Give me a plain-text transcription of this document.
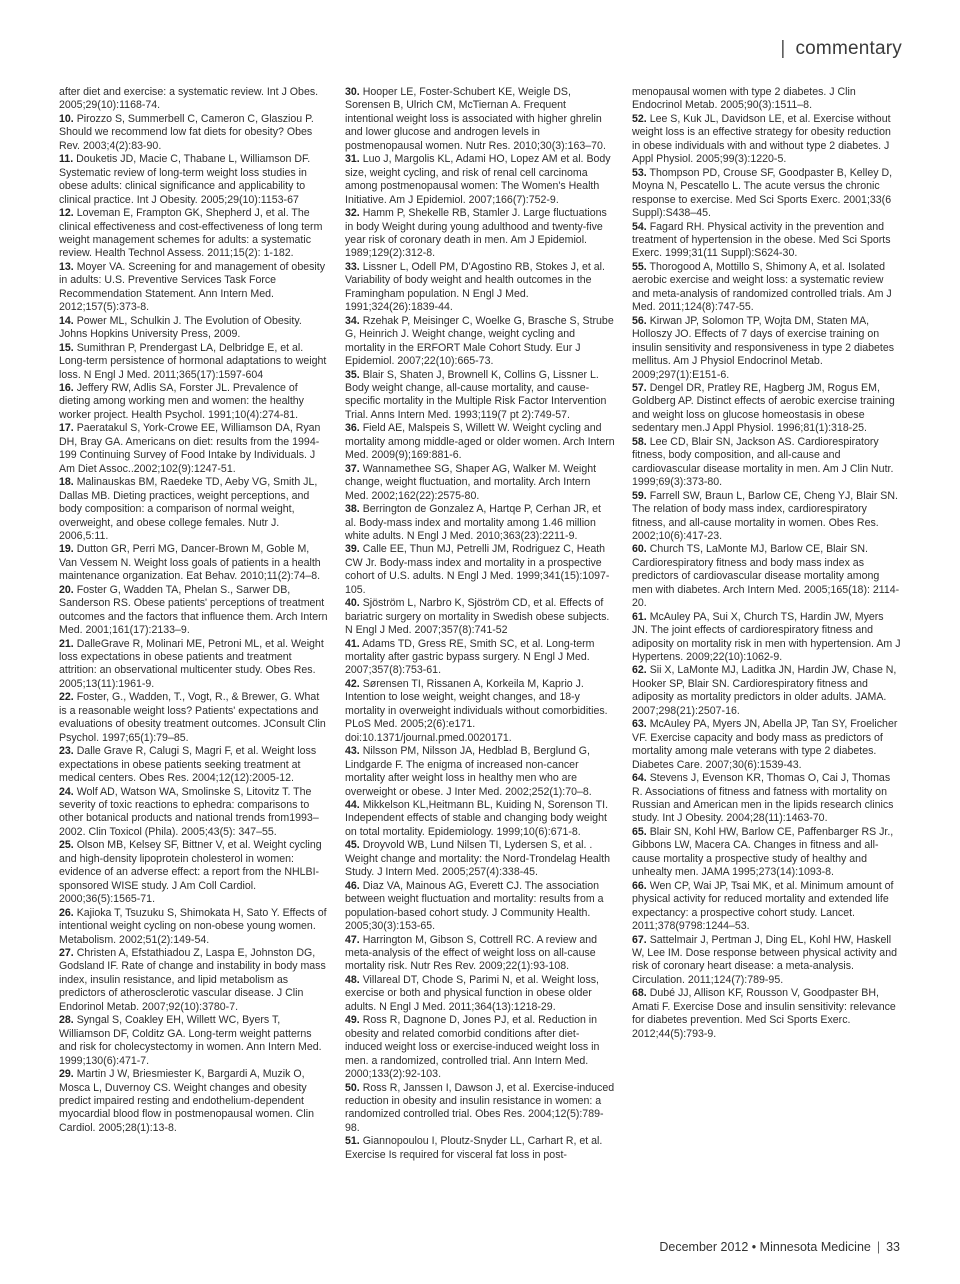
| commentary

after diet and exercise: a systematic review. Int J Obes. 2005;29(10):1168-74.

10. Pirozzo S, Summerbell C, Cameron C, Glasziou P. Should we recommend low fat diets for obesity? Obes Rev. 2003;4(2):83-90.

11. Douketis JD, Macie C, Thabane L, Williamson DF. Systematic review of long-term weight loss studies in obese adults: clinical significance and applicability to clinical practice. Int J Obesity. 2005;29(10):1153-67

12. Loveman E, Frampton GK, Shepherd J, et al. The clinical effectiveness and cost-effectiveness of long term weight management schemes for adults: a systematic review. Health Technol Assess. 2011;15(2): 1-182.

13. Moyer VA. Screening for and management of obesity in adults: U.S. Preventive Services Task Force Recommendation Statement. Ann Intern Med. 2012;157(5):373-8.

14. Power ML, Schulkin J. The Evolution of Obesity. Johns Hopkins University Press, 2009.

15. Sumithran P, Prendergast LA, Delbridge E, et al. Long-term persistence of hormonal adaptations to weight loss. N Engl J Med. 2011;365(17):1597-604

16. Jeffery RW, Adlis SA, Forster JL. Prevalence of dieting among working men and women: the healthy worker project. Health Psychol. 1991;10(4):274-81.

17. Paeratakul S, York-Crowe EE, Williamson DA, Ryan DH, Bray GA. Americans on diet: results from the 1994-199 Continuing Survey of Food Intake by Individuals. J Am Diet Assoc..2002;102(9):1247-51.

18. Malinauskas BM, Raedeke TD, Aeby VG, Smith JL, Dallas MB. Dieting practices, weight perceptions, and body composition: a comparison of normal weight, overweight, and obese college females. Nutr J. 2006,5:11.

19. Dutton GR, Perri MG, Dancer-Brown M, Goble M, Van Vessem N. Weight loss goals of patients in a health maintenance organization. Eat Behav. 2010;11(2):74–8.

20. Foster G, Wadden TA, Phelan S., Sarwer DB, Sanderson RS. Obese patients' perceptions of treatment outcomes and the factors that influence them. Arch Intern Med. 2001;161(17):2133–9.

21. DalleGrave R, Molinari ME, Petroni ML, et al. Weight loss expectations in obese patients and treatment attrition: an observational multicenter study. Obes Res. 2005;13(11):1961-9.

22. Foster, G., Wadden, T., Vogt, R., & Brewer, G. What is a reasonable weight loss? Patients' expectations and evaluations of obesity treatment outcomes. JConsult Clin Psychol. 1997;65(1):79–85.

23. Dalle Grave R, Calugi S, Magri F, et al. Weight loss expectations in obese patients seeking treatment at medical centers. Obes Res. 2004;12(12):2005-12.

24. Wolf AD, Watson WA, Smolinske S, Litovitz T. The severity of toxic reactions to ephedra: comparisons to other botanical products and national trends from1993–2002. Clin Toxicol (Phila). 2005;43(5): 347–55.

25. Olson MB, Kelsey SF, Bittner V, et al. Weight cycling and high-density lipoprotein cholesterol in women: evidence of an adverse effect: a report from the NHLBI-sponsored WISE study. J Am Coll Cardiol. 2000;36(5):1565-71.

26. Kajioka T, Tsuzuku S, Shimokata H, Sato Y. Effects of intentional weight cycling on non-obese young women. Metabolism. 2002;51(2):149-54.

27. Christen A, Efstathiadou Z, Laspa E, Johnston DG, Godsland IF. Rate of change and instability in body mass index, insulin resistance, and lipid metabolism as predictors of atherosclerotic vascular disease. J Clin Endorinol Metab. 2007;92(10):3780-7.

28. Syngal S, Coakley EH, Willett WC, Byers T, Williamson DF, Colditz GA. Long-term weight patterns and risk for cholecystectomy in women. Ann Intern Med. 1999;130(6):471-7.

29. Martin J W, Briesmiester K, Bargardi A, Muzik O, Mosca L, Duvernoy CS. Weight changes and obesity predict impaired resting and endothelium-dependent myocardial blood flow in postmenopausal women. Clin Cardiol. 2005;28(1):13-8.

30. Hooper LE, Foster-Schubert KE, Weigle DS, Sorensen B, Ulrich CM, McTiernan A. Frequent intentional weight loss is associated with higher ghrelin and lower glucose and androgen levels in postmenopausal women. Nutr Res. 2010;30(3):163–70.

31. Luo J, Margolis KL, Adami HO, Lopez AM et al. Body size, weight cycling, and risk of renal cell carcinoma among postmenopausal women: The Women's Health Initiative. Am J Epidemiol. 2007;166(7):752-9.

32. Hamm P, Shekelle RB, Stamler J. Large fluctuations in body Weight during young adulthood and twenty-five year risk of coronary death in men. Am J Epidemiol. 1989;129(2):312-8.

33. Lissner L, Odell PM, D'Agostino RB, Stokes J, et al. Variability of body weight and health outcomes in the Framingham population. N Engl J Med. 1991;324(26):1839-44.

34. Rzehak P, Meisinger C, Woelke G, Brasche S, Strube G, Heinrich J. Weight change, weight cycling and mortality in the ERFORT Male Cohort Study. Eur J Epidemiol. 2007;22(10):665-73.

35. Blair S, Shaten J, Brownell K, Collins G, Lissner L. Body weight change, all-cause mortality, and cause-specific mortality in the Multiple Risk Factor Intervention Trial. Anns Intern Med. 1993;119(7 pt 2):749-57.

36. Field AE, Malspeis S, Willett W. Weight cycling and mortality among middle-aged or older women. Arch Intern Med. 2009(9);169:881-6.

37. Wannamethee SG, Shaper AG, Walker M. Weight change, weight fluctuation, and mortality. Arch Intern Med. 2002;162(22):2575-80.

38. Berrington de Gonzalez A, Hartqe P, Cerhan JR, et al. Body-mass index and mortality among 1.46 million white adults. N Engl J Med. 2010;363(23):2211-9.

39. Calle EE, Thun MJ, Petrelli JM, Rodriguez C, Heath CW Jr. Body-mass index and mortality in a prospective cohort of U.S. adults. N Engl J Med. 1999;341(15):1097-105.

40. Sjöström L, Narbro K, Sjöström CD, et al. Effects of bariatric surgery on mortality in Swedish obese subjects. N Engl J Med. 2007;357(8):741-52

41. Adams TD, Gress RE, Smith SC, et al. Long-term mortality after gastric bypass surgery. N Engl J Med. 2007;357(8):753-61.

42. Sørensen TI, Rissanen A, Korkeila M, Kaprio J. Intention to lose weight, weight changes, and 18-y mortality in overweight individuals without comorbidities. PLoS Med. 2005;2(6):e171. doi:10.1371/journal.pmed.0020171.

43. Nilsson PM, Nilsson JA, Hedblad B, Berglund G, Lindgarde F. The enigma of increased non-cancer mortality after weight loss in healthy men who are overweight or obese. J Inter Med. 2002;252(1):70–8.

44. Mikkelson KL,Heitmann BL, Kuiding N, Sorenson TI. Independent effects of stable and changing body weight on total mortality. Epidemiology. 1999;10(6):671-8.

45. Droyvold WB, Lund Nilsen TI, Lydersen S, et al. . Weight change and mortality: the Nord-Trondelag Health Study. J Intern Med. 2005;257(4):338-45.

46. Diaz VA, Mainous AG, Everett CJ. The association between weight fluctuation and mortality: results from a population-based cohort study. J Community Health. 2005;30(3):153-65.

47. Harrington M, Gibson S, Cottrell RC. A review and meta-analysis of the effect of weight loss on all-cause mortality risk. Nutr Res Rev. 2009;22(1):93-108.

48. Villareal DT, Chode S, Parimi N, et al. Weight loss, exercise or both and physical function in obese older adults. N Engl J Med. 2011;364(13):1218-29.

49. Ross R, Dagnone D, Jones PJ, et al. Reduction in obesity and related comorbid conditions after diet-induced weight loss or exercise-induced weight loss in men. a randomized, controlled trial. Ann Intern Med. 2000;133(2):92-103.

50. Ross R, Janssen I, Dawson J, et al. Exercise-induced reduction in obesity and insulin resistance in women: a randomized controlled trial. Obes Res. 2004;12(5):789-98.

51. Giannopoulou I, Ploutz-Snyder LL, Carhart R, et al. Exercise Is required for visceral fat loss in post-

menopausal women with type 2 diabetes. J Clin Endocrinol Metab. 2005;90(3):1511–8.

52. Lee S, Kuk JL, Davidson LE, et al. Exercise without weight loss is an effective strategy for obesity reduction in obese individuals with and without type 2 diabetes. J Appl Physiol. 2005;99(3):1220-5.

53. Thompson PD, Crouse SF, Goodpaster B, Kelley D, Moyna N, Pescatello L. The acute versus the chronic response to exercise. Med Sci Sports Exerc. 2001;33(6 Suppl):S438–45.

54. Fagard RH. Physical activity in the prevention and treatment of hypertension in the obese. Med Sci Sports Exerc. 1999;31(11 Suppl):S624-30.

55. Thorogood A, Mottillo S, Shimony A, et al. Isolated aerobic exercise and weight loss: a systematic review and meta-analysis of randomized controlled trials. Am J Med. 2011;124(8):747-55.

56. Kirwan JP, Solomon TP, Wojta DM, Staten MA, Holloszy JO. Effects of 7 days of exercise training on insulin sensitivity and responsiveness in type 2 diabetes mellitus. Am J Physiol Endocrinol Metab. 2009;297(1):E151-6.

57. Dengel DR, Pratley RE, Hagberg JM, Rogus EM, Goldberg AP. Distinct effects of aerobic exercise training and weight loss on glucose homeostasis in obese sedentary men.J Appl Physiol. 1996;81(1):318-25.

58. Lee CD, Blair SN, Jackson AS. Cardiorespiratory fitness, body composition, and all-cause and cardiovascular disease mortality in men. Am J Clin Nutr. 1999;69(3):373-80.

59. Farrell SW, Braun L, Barlow CE, Cheng YJ, Blair SN. The relation of body mass index, cardiorespiratory fitness, and all-cause mortality in women. Obes Res. 2002;10(6):417-23.

60. Church TS, LaMonte MJ, Barlow CE, Blair SN. Cardiorespiratory fitness and body mass index as predictors of cardiovascular disease mortality among men with diabetes. Arch Intern Med. 2005;165(18): 2114-20.

61. McAuley PA, Sui X, Church TS, Hardin JW, Myers JN. The joint effects of cardiorespiratory fitness and adiposity on mortality risk in men with hypertension. Am J Hypertens. 2009;22(10):1062-9.

62. Sii X, LaMonte MJ, Laditka JN, Hardin JW, Chase N, Hooker SP, Blair SN. Cardiorespiratory fitness and adiposity as mortality predictors in older adults. JAMA. 2007;298(21):2507-16.

63. McAuley PA, Myers JN, Abella JP, Tan SY, Froelicher VF. Exercise capacity and body mass as predictors of mortality among male veterans with type 2 diabetes. Diabetes Care. 2007;30(6):1539-43.

64. Stevens J, Evenson KR, Thomas O, Cai J, Thomas R. Associations of fitness and fatness with mortality on Russian and American men in the lipids research clinics study. Int J Obesity. 2004;28(11):1463-70.

65. Blair SN, Kohl HW, Barlow CE, Paffenbarger RS Jr., Gibbons LW, Macera CA. Changes in fitness and all-cause mortality a prospective study of healthy and unhealty men. JAMA 1995;273(14):1093-8.

66. Wen CP, Wai JP, Tsai MK, et al. Minimum amount of physical activity for reduced mortality and extended life expectancy: a prospective cohort study. Lancet. 2011;378(9798:1244–53.

67. Sattelmair J, Pertman J, Ding EL, Kohl HW, Haskell W, Lee IM. Dose response between physical activity and risk of coronary heart disease: a meta-analysis. Circulation. 2011;124(7):789-95.

68. Dubé JJ, Allison KF, Rousson V, Goodpaster BH, Amati F. Exercise Dose and insulin sensitivity: relevance for diabetes prevention. Med Sci Sports Exerc. 2012;44(5):793-9.

December 2012 • Minnesota Medicine | 33
